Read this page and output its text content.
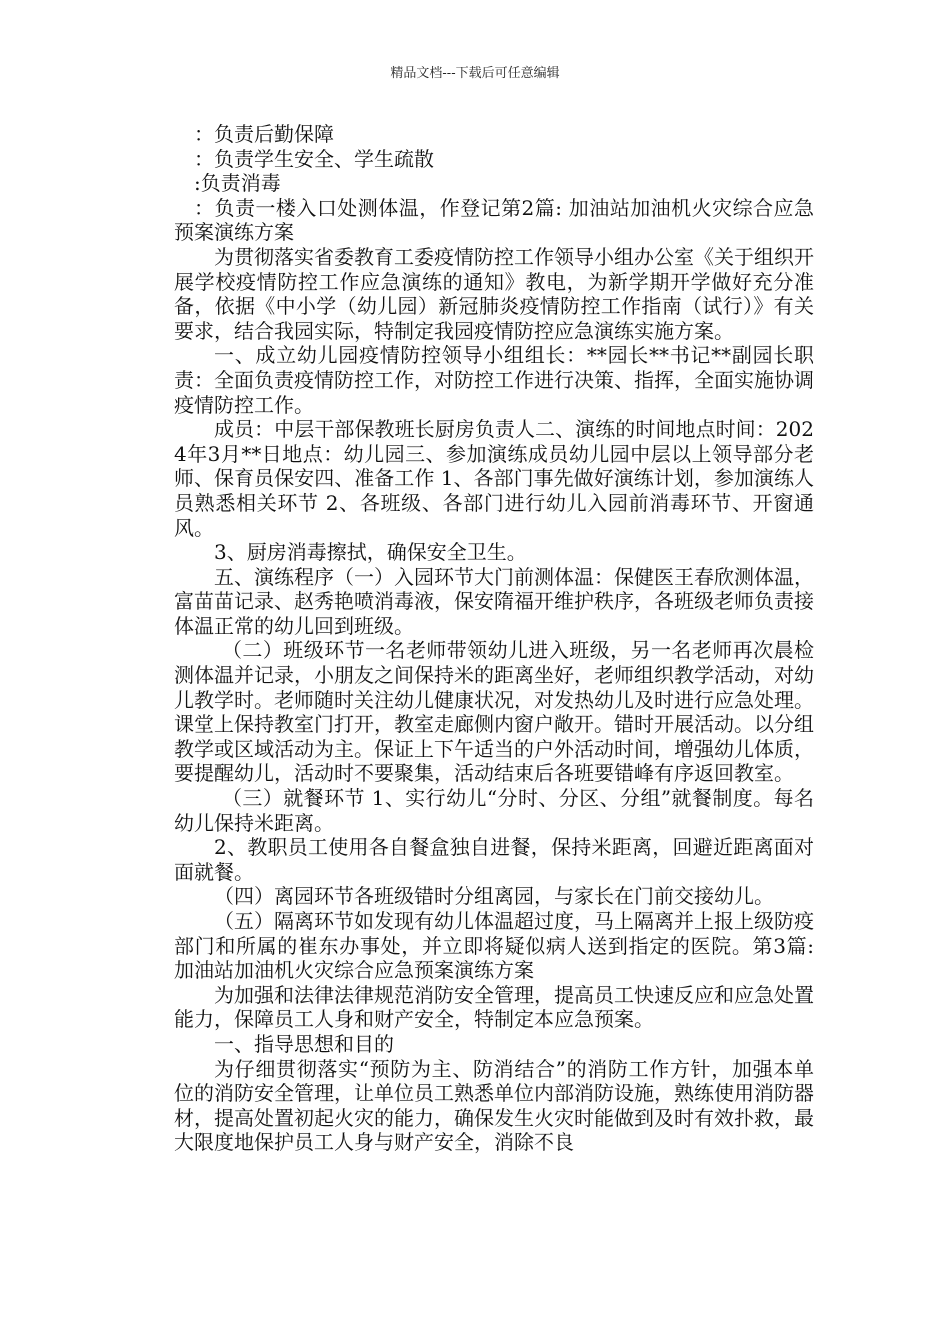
精品文档---下载后可任意编辑

：负责后勤保障

：负责学生安全、学生疏散

:负责消毒

：负责一楼入口处测体温，作登记第2篇: 加油站加油机火灾综合应急预案演练方案

为贯彻落实省委教育工委疫情防控工作领导小组办公室《关于组织开展学校疫情防控工作应急演练的通知》教电，为新学期开学做好充分准备，依据《中小学（幼儿园）新冠肺炎疫情防控工作指南（试行）》有关要求，结合我园实际，特制定我园疫情防控应急演练实施方案。

一、成立幼儿园疫情防控领导小组组长：**园长**书记**副园长职责：全面负责疫情防控工作，对防控工作进行决策、指挥，全面实施协调疫情防控工作。

成员：中层干部保教班长厨房负责人二、演练的时间地点时间：2024年3月**日地点：幼儿园三、参加演练成员幼儿园中层以上领导部分老师、保育员保安四、准备工作 1、各部门事先做好演练计划，参加演练人员熟悉相关环节 2、各班级、各部门进行幼儿入园前消毒环节、开窗通风。

3、厨房消毒擦拭，确保安全卫生。

五、演练程序（一）入园环节大门前测体温：保健医王春欣测体温，富苗苗记录、赵秀艳喷消毒液，保安隋福开维护秩序，各班级老师负责接体温正常的幼儿回到班级。

（二）班级环节一名老师带领幼儿进入班级，另一名老师再次晨检测体温并记录，小朋友之间保持米的距离坐好，老师组织教学活动，对幼儿教学时。老师随时关注幼儿健康状况，对发热幼儿及时进行应急处理。课堂上保持教室门打开，教室走廊侧内窗户敞开。错时开展活动。以分组教学或区域活动为主。保证上下午适当的户外活动时间，增强幼儿体质，要提醒幼儿，活动时不要聚集，活动结束后各班要错峰有序返回教室。

（三）就餐环节 1、实行幼儿“分时、分区、分组”就餐制度。每名幼儿保持米距离。

2、教职员工使用各自餐盒独自进餐，保持米距离，回避近距离面对面就餐。

（四）离园环节各班级错时分组离园，与家长在门前交接幼儿。

（五）隔离环节如发现有幼儿体温超过度，马上隔离并上报上级防疫部门和所属的崔东办事处，并立即将疑似病人送到指定的医院。第3篇: 加油站加油机火灾综合应急预案演练方案

为加强和法律法律规范消防安全管理，提高员工快速反应和应急处置能力，保障员工人身和财产安全，特制定本应急预案。

一、指导思想和目的

为仔细贯彻落实“预防为主、防消结合”的消防工作方针，加强本单位的消防安全管理，让单位员工熟悉单位内部消防设施，熟练使用消防器材，提高处置初起火灾的能力，确保发生火灾时能做到及时有效扑救，最大限度地保护员工人身与财产安全，消除不良
